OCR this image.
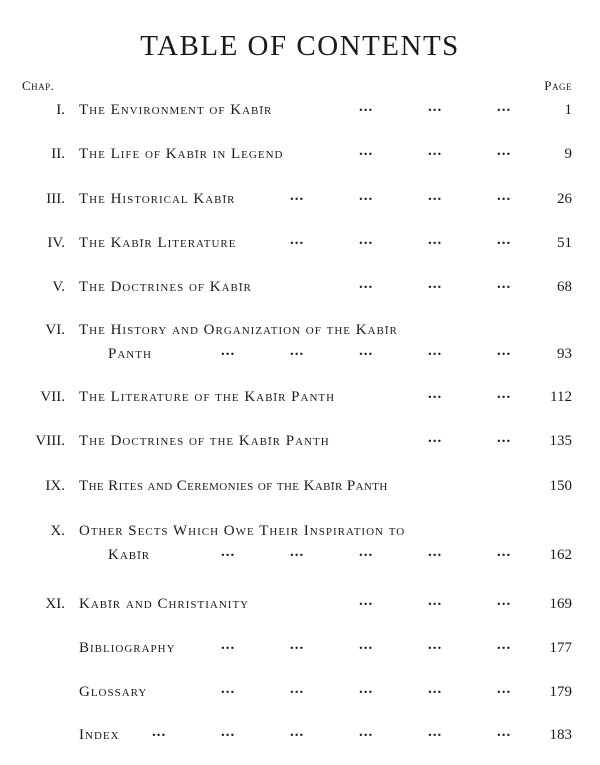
TABLE OF CONTENTS
Chap.	Page
I. The Environment of Kabīr	...	...	...	1
II. The Life of Kabīr in Legend	...	...	...	9
III. The Historical Kabīr	...	...	...	...	26
IV. The Kabīr Literature	...	...	...	...	51
V. The Doctrines of Kabīr	...	...	...	68
VI. The History and Organization of the Kabīr
Panth	...	...	...	...	...	93
VII. The Literature of the Kabīr Panth	...	...	112
VIII. The Doctrines of the Kabīr Panth	...	...	135
IX. The Rites and Ceremonies of the Kabīr Panth	150
X. Other Sects Which Owe Their Inspiration to
Kabīr	...	...	...	...	...	162
XI. Kabīr and Christianity	...	...	...	169
Bibliography	...	...	...	...	...	177
Glossary	...	...	...	...	...	179
Index ...	...	...	...	...	...	183
